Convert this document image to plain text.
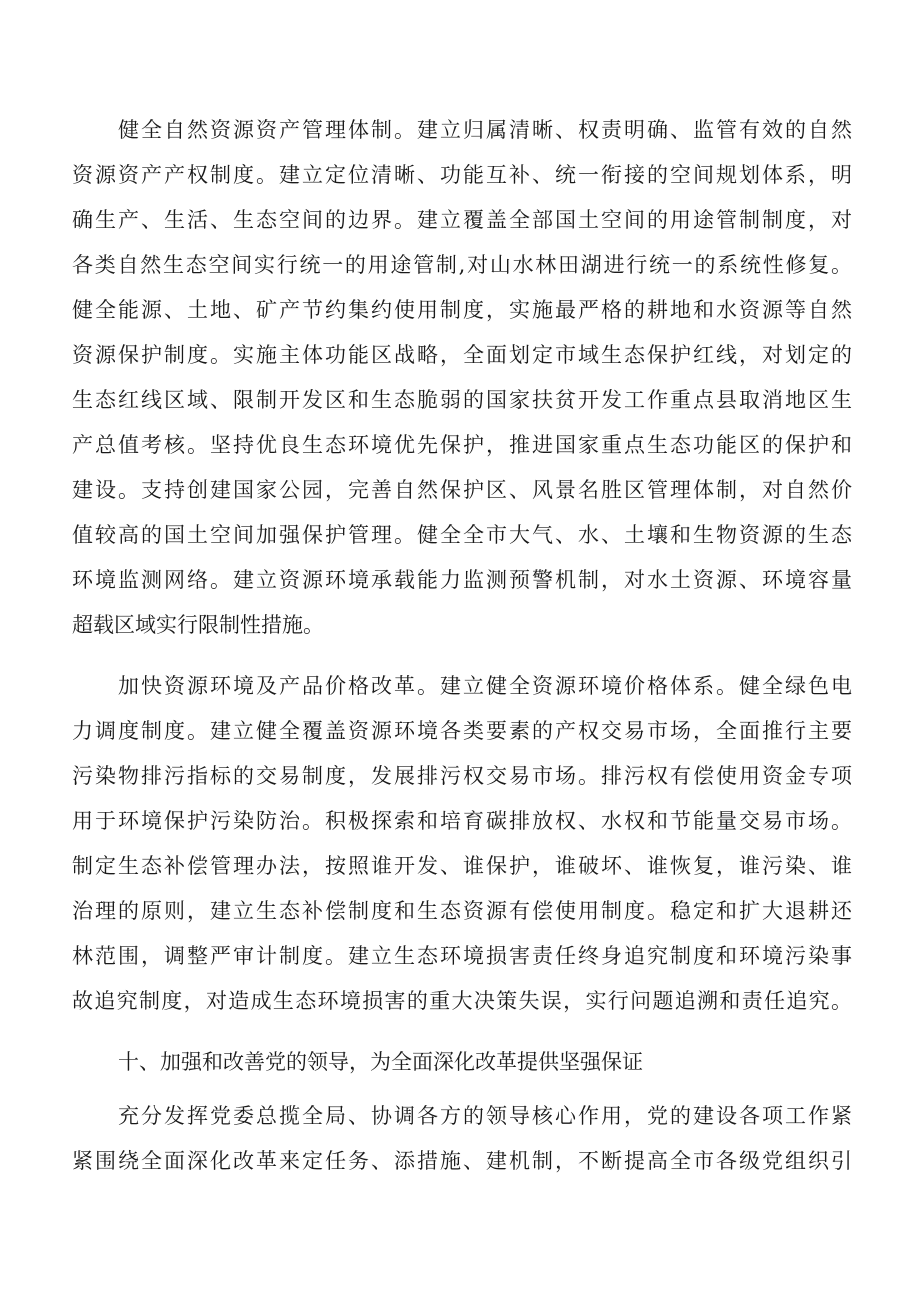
健全自然资源资产管理体制。建立归属清晰、权责明确、监管有效的自然
资源资产产权制度。建立定位清晰、功能互补、统一衔接的空间规划体系，明
确生产、生活、生态空间的边界。建立覆盖全部国土空间的用途管制制度，对
各类自然生态空间实行统一的用途管制,对山水林田湖进行统一的系统性修复。
健全能源、土地、矿产节约集约使用制度，实施最严格的耕地和水资源等自然
资源保护制度。实施主体功能区战略，全面划定市域生态保护红线，对划定的
生态红线区域、限制开发区和生态脆弱的国家扶贫开发工作重点县取消地区生
产总值考核。坚持优良生态环境优先保护，推进国家重点生态功能区的保护和
建设。支持创建国家公园，完善自然保护区、风景名胜区管理体制，对自然价
值较高的国土空间加强保护管理。健全全市大气、水、土壤和生物资源的生态
环境监测网络。建立资源环境承载能力监测预警机制，对水土资源、环境容量
超载区域实行限制性措施。
加快资源环境及产品价格改革。建立健全资源环境价格体系。健全绿色电
力调度制度。建立健全覆盖资源环境各类要素的产权交易市场，全面推行主要
污染物排污指标的交易制度，发展排污权交易市场。排污权有偿使用资金专项
用于环境保护污染防治。积极探索和培育碳排放权、水权和节能量交易市场。
制定生态补偿管理办法，按照谁开发、谁保护，谁破坏、谁恢复，谁污染、谁
治理的原则，建立生态补偿制度和生态资源有偿使用制度。稳定和扩大退耕还
林范围，调整严审计制度。建立生态环境损害责任终身追究制度和环境污染事
故追究制度，对造成生态环境损害的重大决策失误，实行问题追溯和责任追究。
十、加强和改善党的领导，为全面深化改革提供坚强保证
充分发挥党委总揽全局、协调各方的领导核心作用，党的建设各项工作紧
紧围绕全面深化改革来定任务、添措施、建机制，不断提高全市各级党组织引
